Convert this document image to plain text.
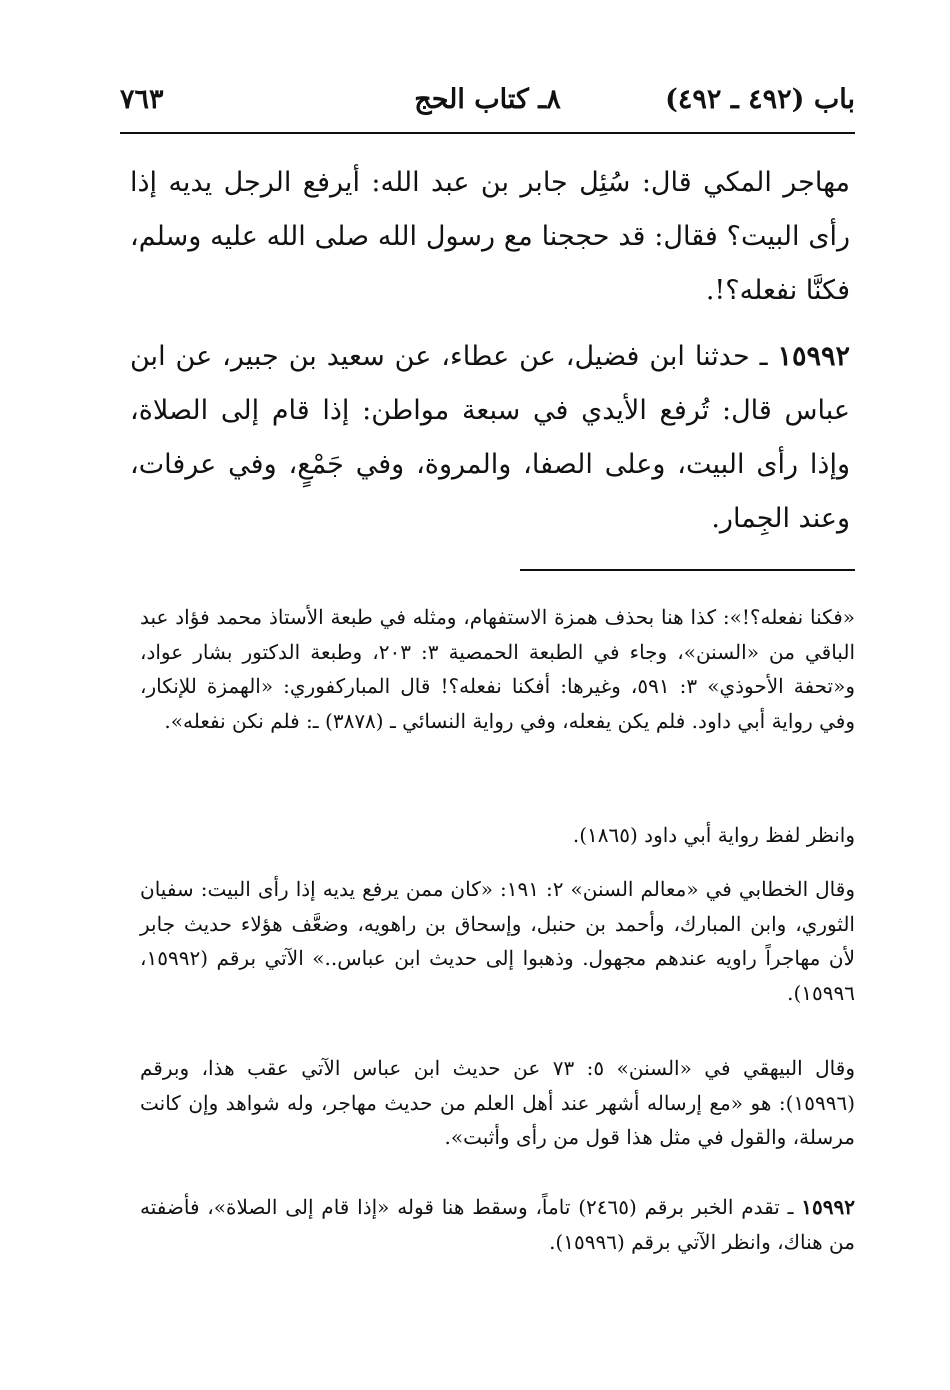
باب (٤٩٢ ـ ٤٩٢)
٨ـ كتاب الحج
٧٦٣
مهاجر المكي قال: سُئِل جابر بن عبد الله: أيرفع الرجل يديه إذا رأى البيت؟ فقال: قد حججنا مع رسول الله صلى الله عليه وسلم، فكنَّا نفعله؟!.
١٥٩٩٢ ـ حدثنا ابن فضيل، عن عطاء، عن سعيد بن جبير، عن ابن عباس قال: تُرفع الأيدي في سبعة مواطن: إذا قام إلى الصلاة، وإذا رأى البيت، وعلى الصفا، والمروة، وفي جَمْعٍ، وفي عرفات، وعند الجِمار.
«فكنا نفعله؟!»: كذا هنا بحذف همزة الاستفهام، ومثله في طبعة الأستاذ محمد فؤاد عبد الباقي من «السنن»، وجاء في الطبعة الحمصية ٣: ٢٠٣، وطبعة الدكتور بشار عواد، و«تحفة الأحوذي» ٣: ٥٩١، وغيرها: أفكنا نفعله؟! قال المباركفوري: «الهمزة للإنكار، وفي رواية أبي داود. فلم يكن يفعله، وفي رواية النسائي ـ (٣٨٧٨) ـ: فلم نكن نفعله».
وانظر لفظ رواية أبي داود (١٨٦٥).
وقال الخطابي في «معالم السنن» ٢: ١٩١: «كان ممن يرفع يديه إذا رأى البيت: سفيان الثوري، وابن المبارك، وأحمد بن حنبل، وإسحاق بن راهويه، وضعَّف هؤلاء حديث جابر لأن مهاجراً راويه عندهم مجهول. وذهبوا إلى حديث ابن عباس..» الآتي برقم (١٥٩٩٢، ١٥٩٩٦).
وقال البيهقي في «السنن» ٥: ٧٣ عن حديث ابن عباس الآتي عقب هذا، وبرقم (١٥٩٩٦): هو «مع إرساله أشهر عند أهل العلم من حديث مهاجر، وله شواهد وإن كانت مرسلة، والقول في مثل هذا قول من رأى وأثبت».
١٥٩٩٢ ـ تقدم الخبر برقم (٢٤٦٥) تاماً، وسقط هنا قوله «إذا قام إلى الصلاة»، فأضفته من هناك، وانظر الآتي برقم (١٥٩٩٦).
